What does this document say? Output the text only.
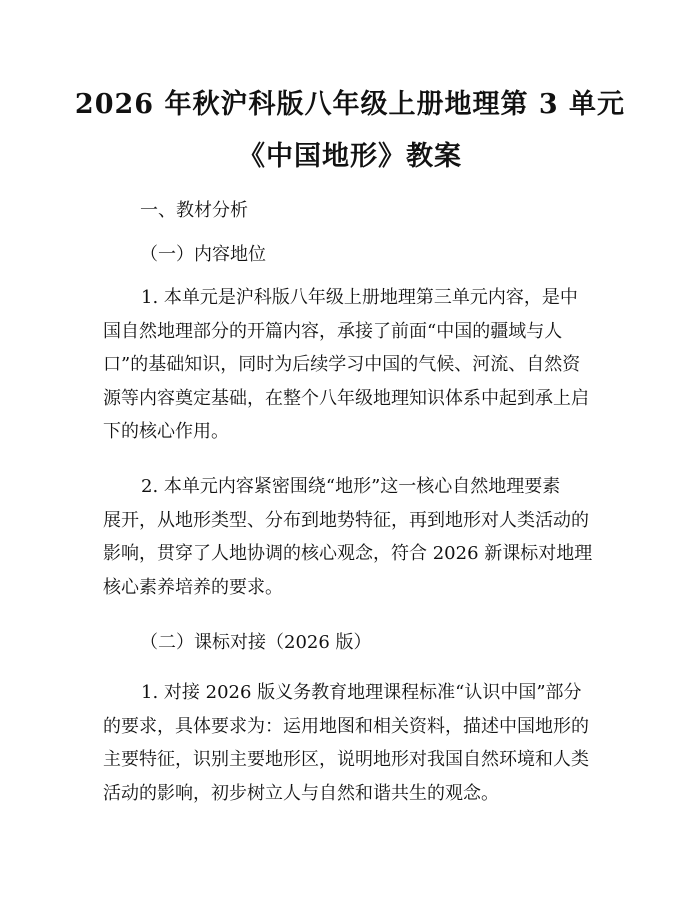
2026 年秋沪科版八年级上册地理第 3 单元
《中国地形》教案
一、教材分析
（一）内容地位
1. 本单元是沪科版八年级上册地理第三单元内容，是中
国自然地理部分的开篇内容，承接了前面“中国的疆域与人
口”的基础知识，同时为后续学习中国的气候、河流、自然资
源等内容奠定基础，在整个八年级地理知识体系中起到承上启
下的核心作用。
2. 本单元内容紧密围绕“地形”这一核心自然地理要素
展开，从地形类型、分布到地势特征，再到地形对人类活动的
影响，贯穿了人地协调的核心观念，符合 2026 新课标对地理
核心素养培养的要求。
（二）课标对接（2026 版）
1. 对接 2026 版义务教育地理课程标准“认识中国”部分
的要求，具体要求为：运用地图和相关资料，描述中国地形的
主要特征，识别主要地形区，说明地形对我国自然环境和人类
活动的影响，初步树立人与自然和谐共生的观念。
